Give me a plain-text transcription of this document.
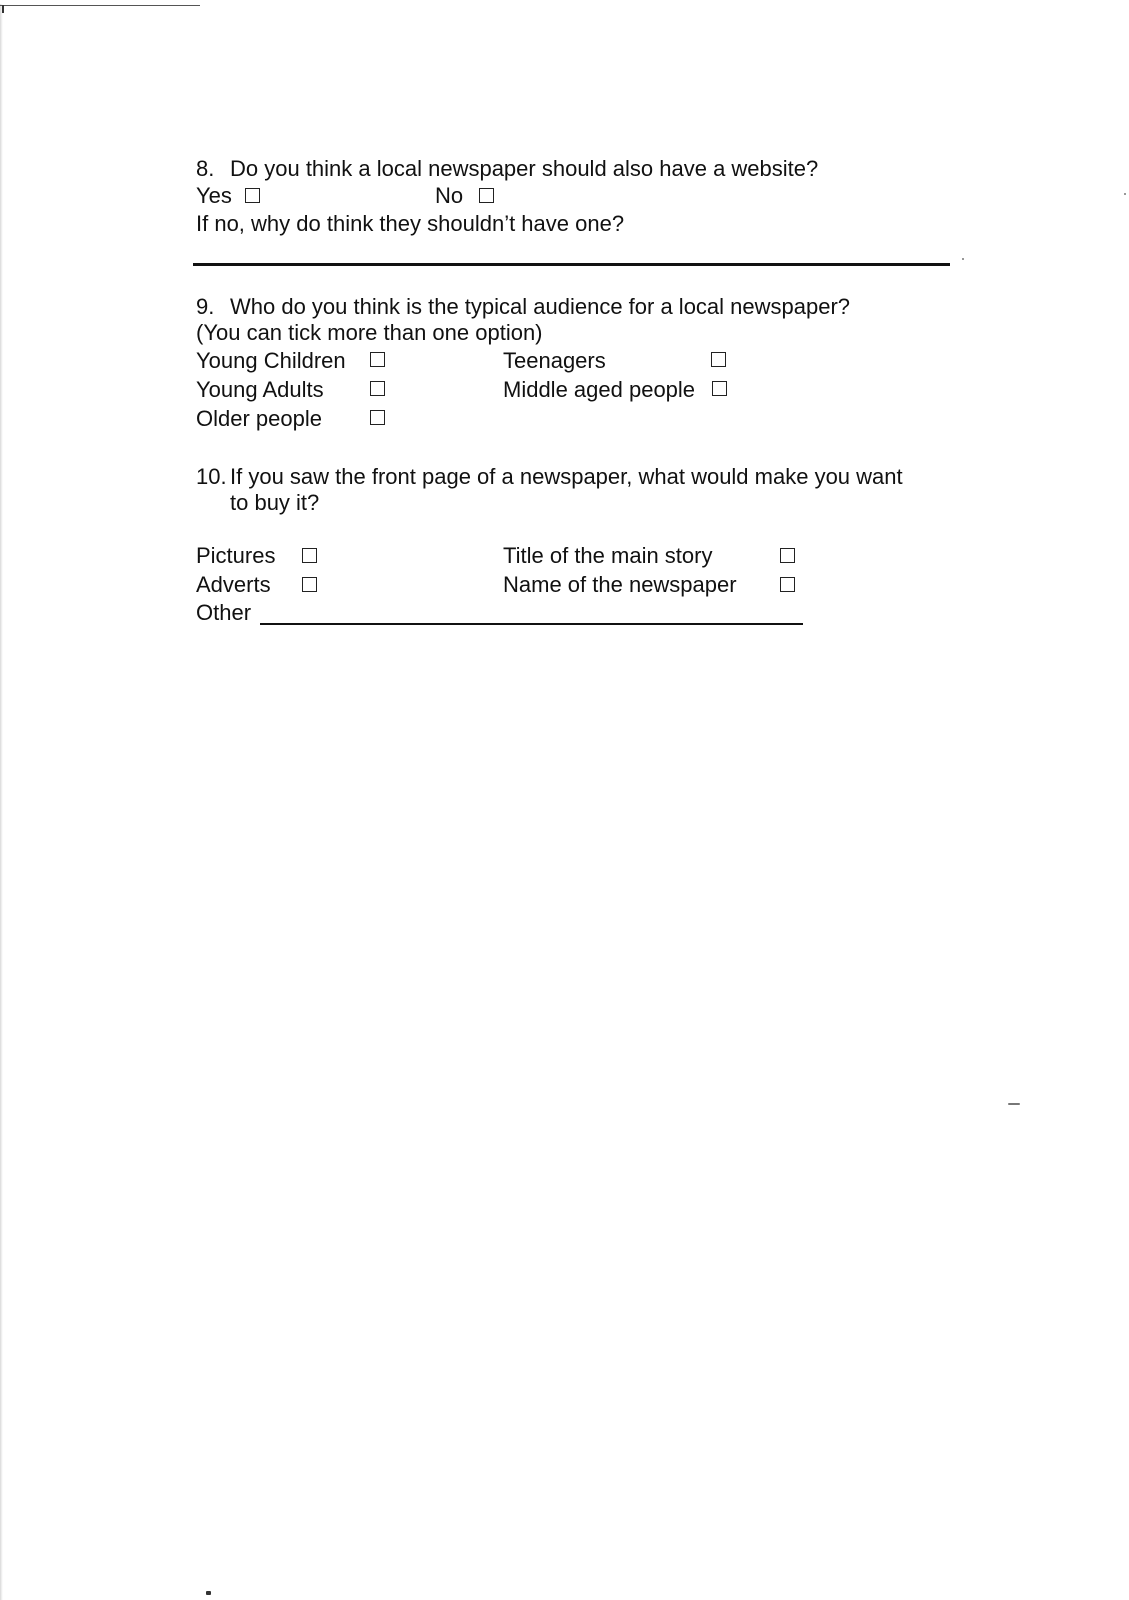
8. Do you think a local newspaper should also have a website?
Yes	No
If no, why do think they shouldn’t have one?
9. Who do you think is the typical audience for a local newspaper?
(You can tick more than one option)
Young Children	Teenagers
Young Adults	Middle aged people
Older people
10. If you saw the front page of a newspaper, what would make you want
to buy it?
Pictures	Title of the main story
Adverts	Name of the newspaper
Other
